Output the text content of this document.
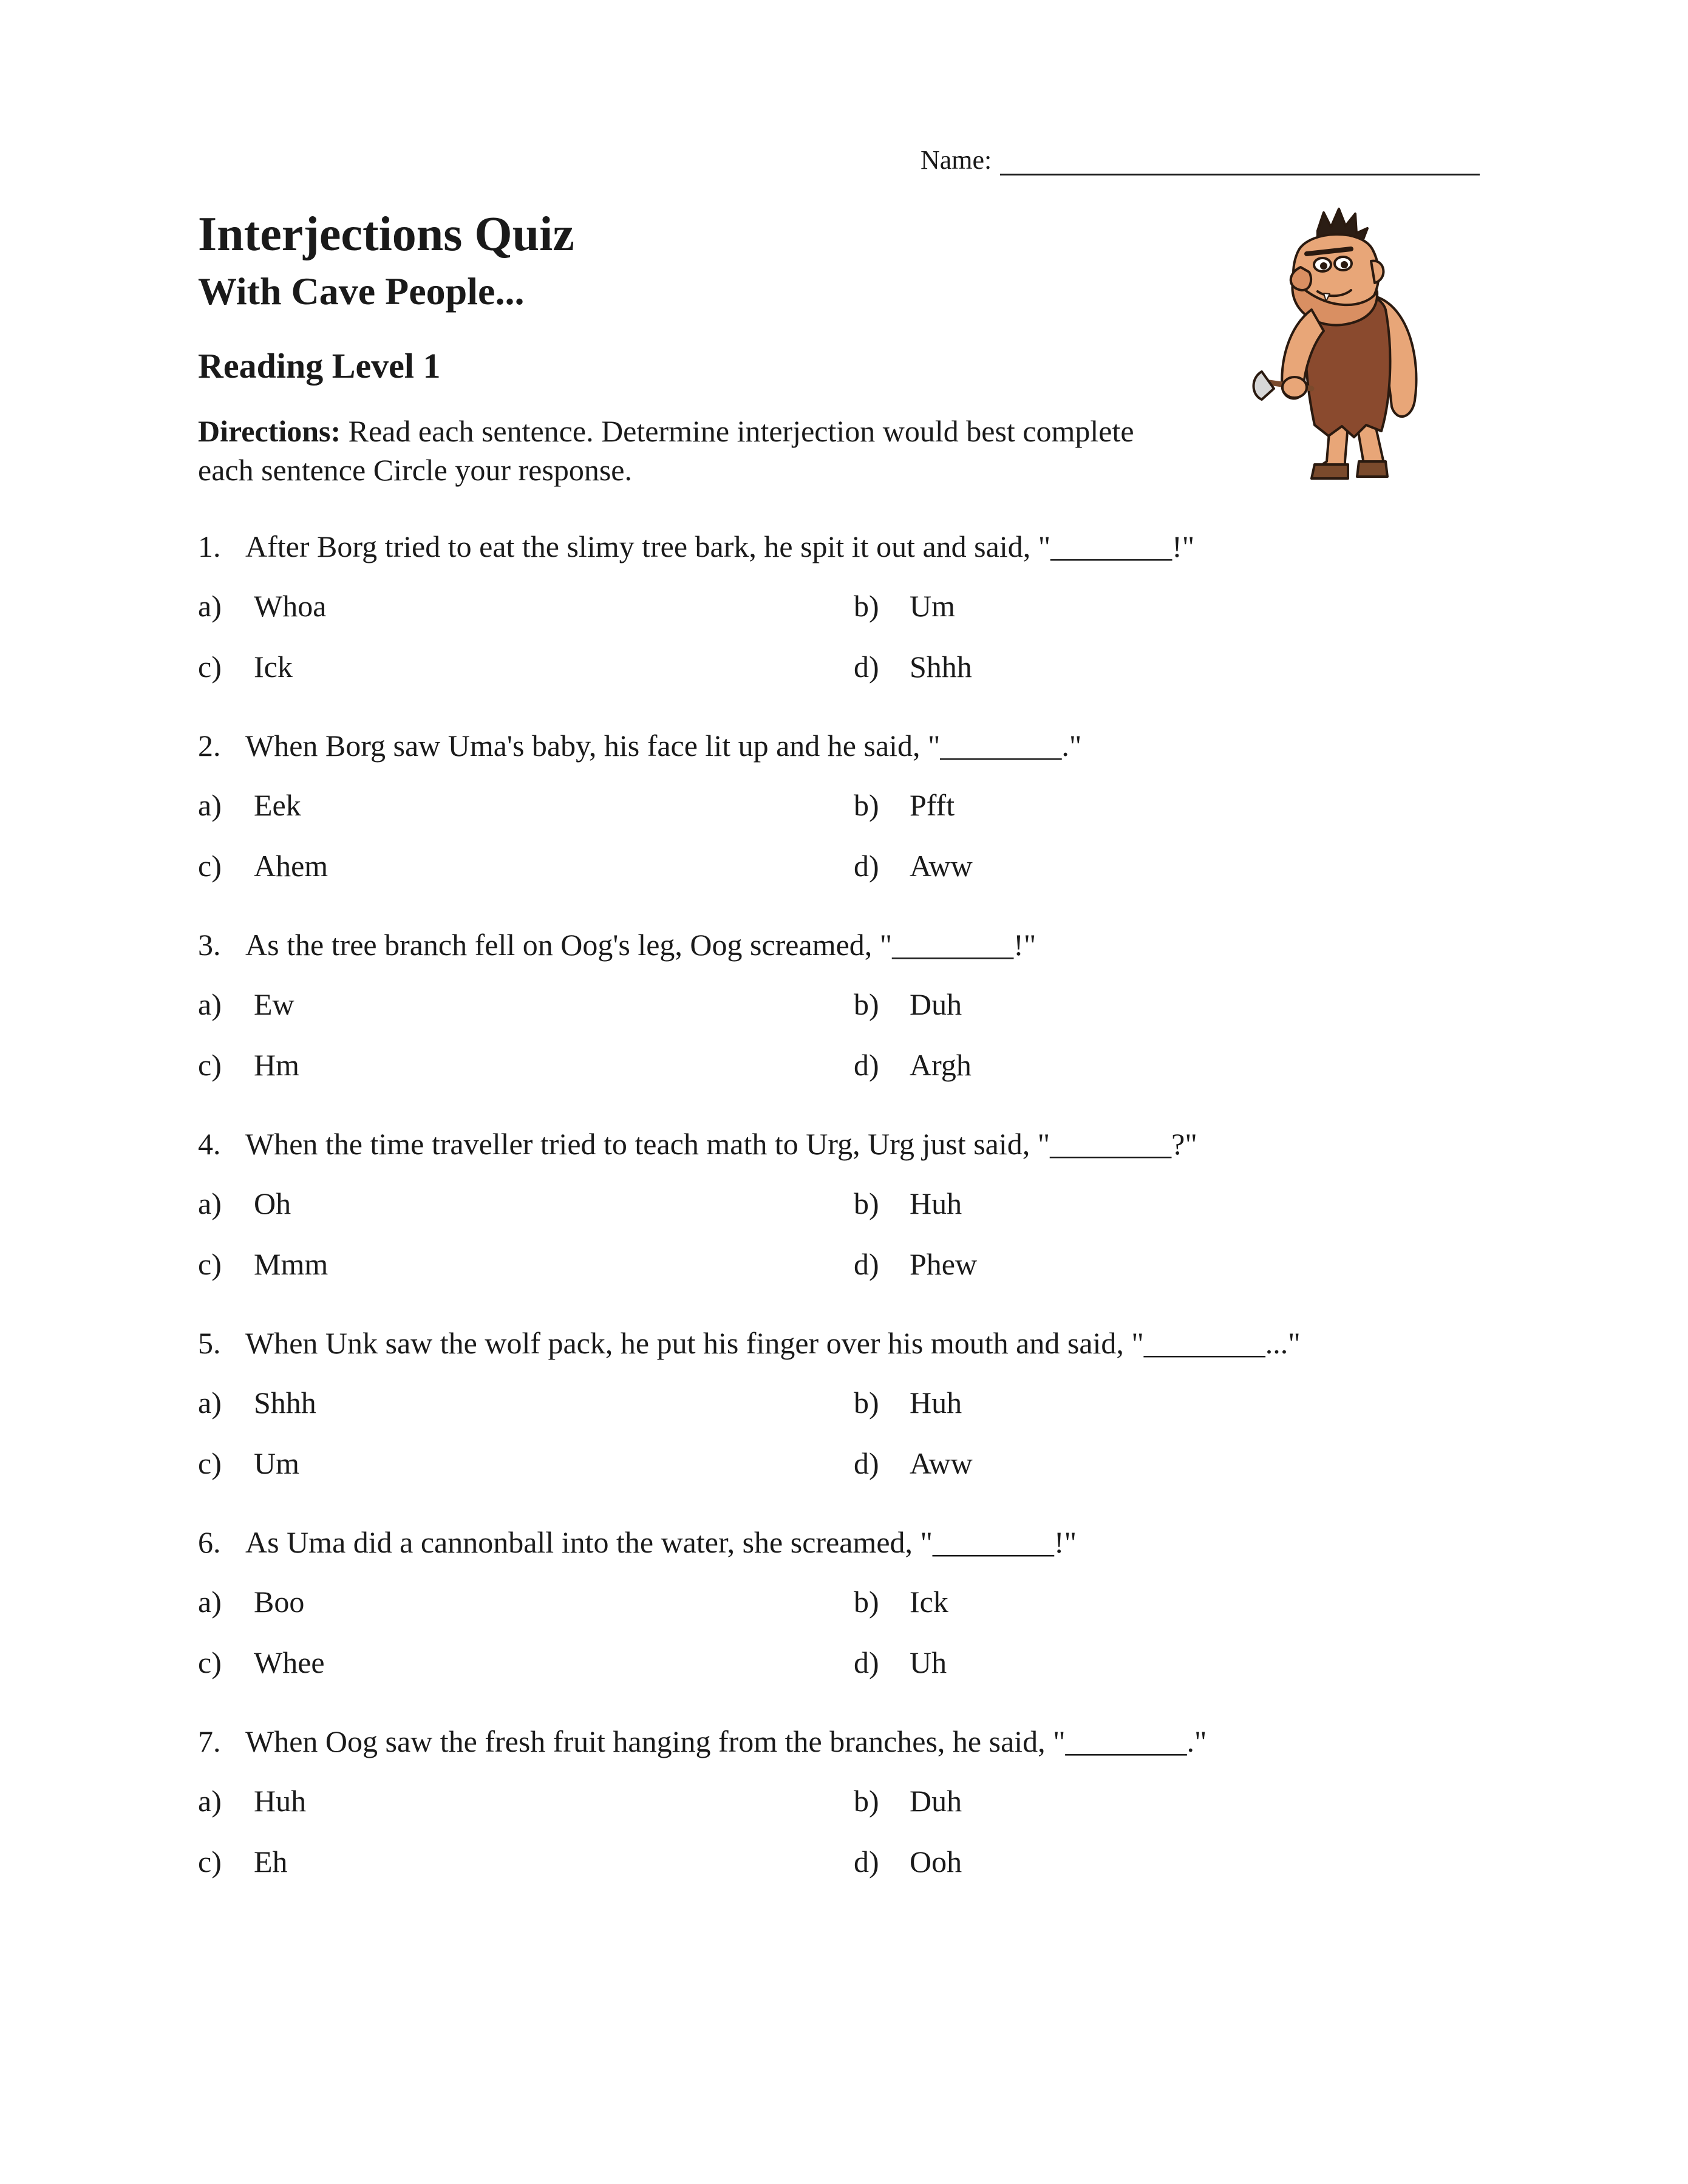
Name:
Interjections Quiz
With Cave People...
Reading Level 1
Directions: Read each sentence. Determine interjection would best complete each sentence Circle your response.
1. After Borg tried to eat the slimy tree bark, he spit it out and said, "________!"
a) Whoa	b) Um
c) Ick	d) Shhh
2. When Borg saw Uma's baby, his face lit up and he said, "________."
a) Eek	b) Pfft
c) Ahem	d) Aww
3. As the tree branch fell on Oog's leg, Oog screamed, "________!"
a) Ew	b) Duh
c) Hm	d) Argh
4. When the time traveller tried to teach math to Urg, Urg just said, "________?"
a) Oh	b) Huh
c) Mmm	d) Phew
5. When Unk saw the wolf pack, he put his finger over his mouth and said, "________..."
a) Shhh	b) Huh
c) Um	d) Aww
6. As Uma did a cannonball into the water, she screamed, "________!"
a) Boo	b) Ick
c) Whee	d) Uh
7. When Oog saw the fresh fruit hanging from the branches, he said, "________."
a) Huh	b) Duh
c) Eh	d) Ooh
